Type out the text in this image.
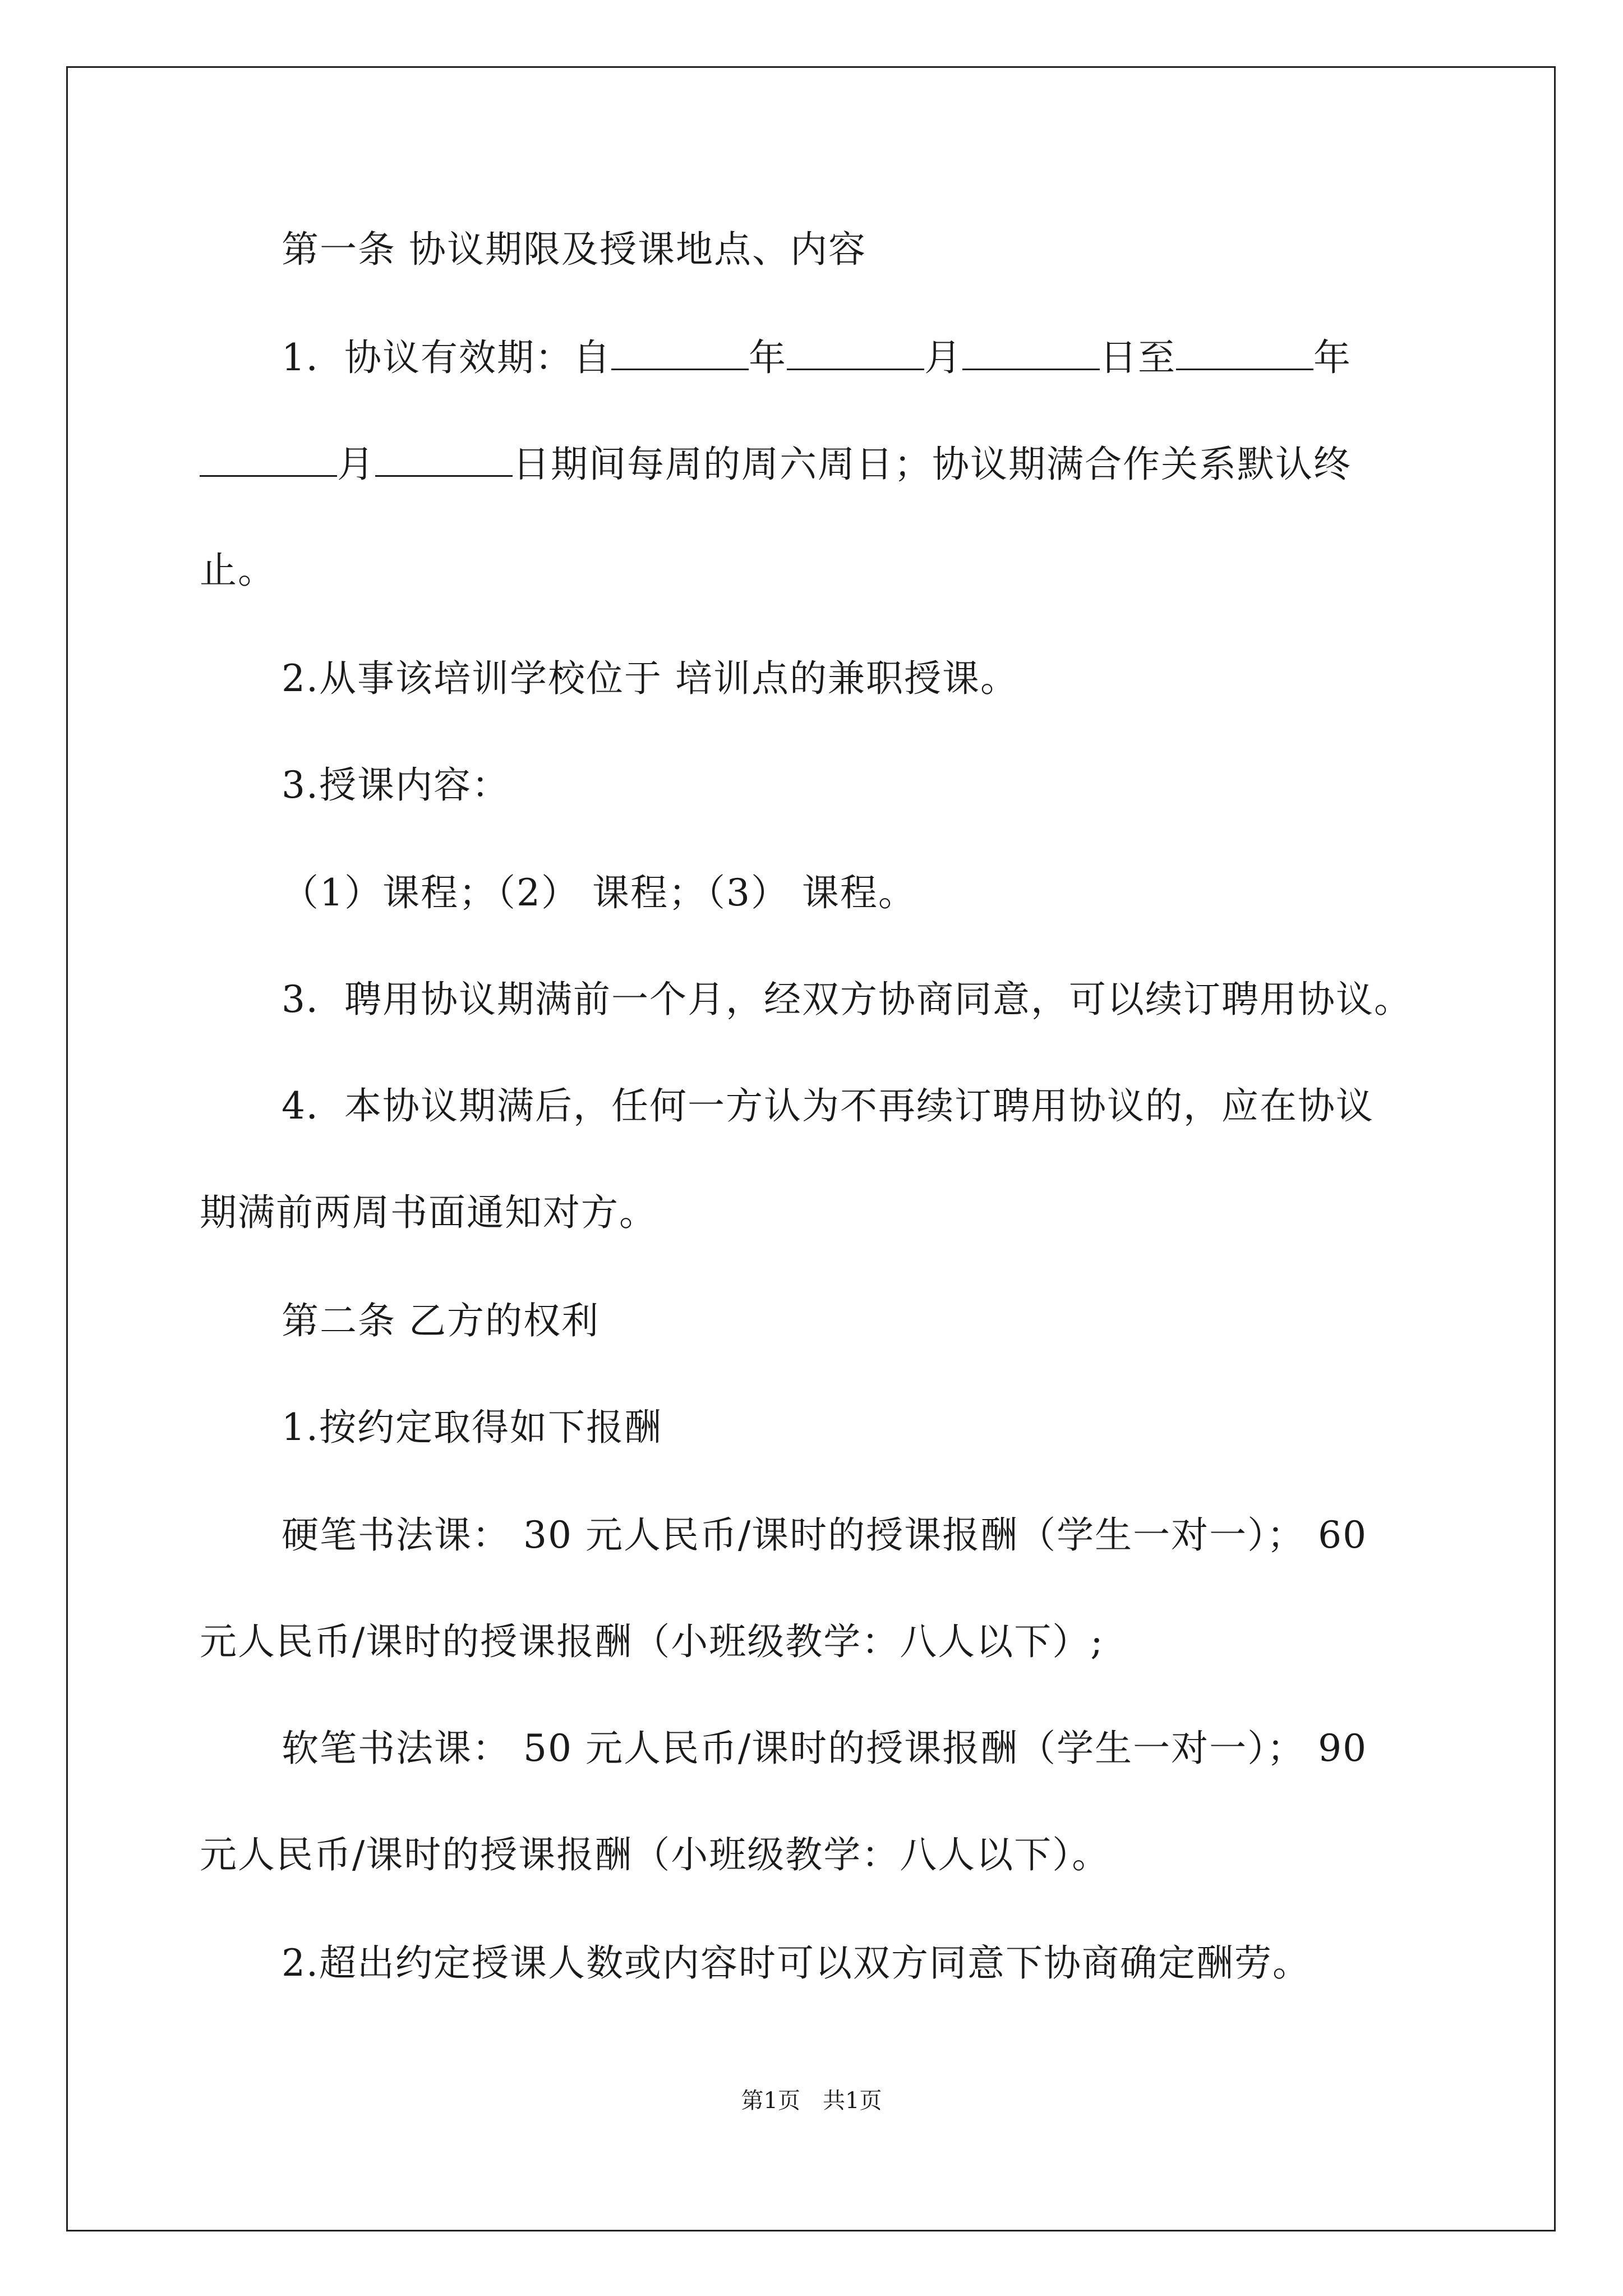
第一条 协议期限及授课地点、内容
1．协议有效期：自	年	月	日至	年
月	日期间每周的周六周日；协议期满合作关系默认终
止。
2.从事该培训学校位于 培训点的兼职授课。
3.授课内容：
（1）课程；（2） 课程；（3） 课程。
3．聘用协议期满前一个月，经双方协商同意，可以续订聘用协议。
4．本协议期满后，任何一方认为不再续订聘用协议的，应在协议
期满前两周书面通知对方。
第二条 乙方的权利
1.按约定取得如下报酬
硬笔书法课： 30 元人民币/课时的授课报酬（学生一对一）； 60
元人民币/课时的授课报酬（小班级教学：八人以下）;
软笔书法课： 50 元人民币/课时的授课报酬（学生一对一）； 90
元人民币/课时的授课报酬（小班级教学：八人以下）。
2.超出约定授课人数或内容时可以双方同意下协商确定酬劳。
第1页　共1页
